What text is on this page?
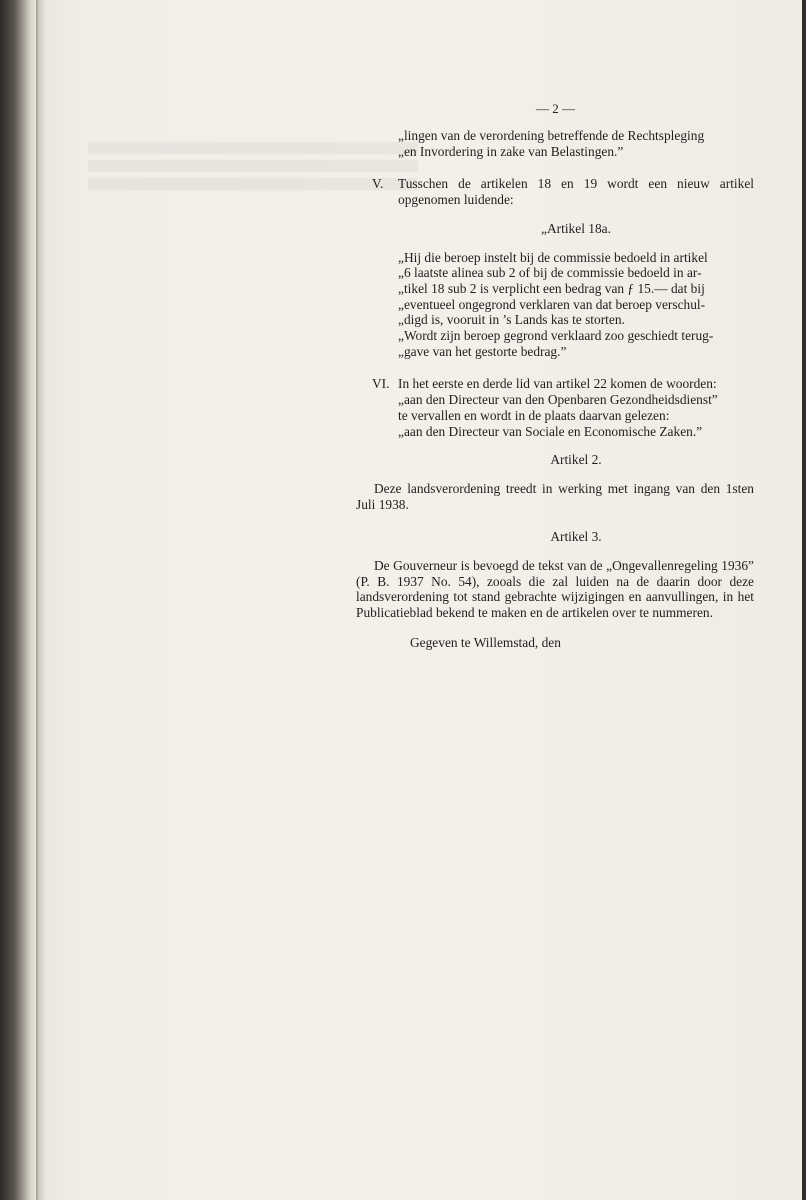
— 2 —

„lingen van de verordening betreffende de Rechtspleging

„en Invordering in zake van Belastingen.”

V.	Tusschen de artikelen 18 en 19 wordt een nieuw artikel opgenomen luidende:
„Artikel 18a.

„Hij die beroep instelt bij de commissie bedoeld in artikel

„6 laatste alinea sub 2 of bij de commissie bedoeld in ar-

„tikel 18 sub 2 is verplicht een bedrag van ƒ 15.— dat bij

„eventueel ongegrond verklaren van dat beroep verschul-

„digd is, vooruit in ’s Lands kas te storten.

„Wordt zijn beroep gegrond verklaard zoo geschiedt terug-

„gave van het gestorte bedrag.”

VI. In het eerste en derde lid van artikel 22 komen de woorden:

„aan den Directeur van den Openbaren Gezondheidsdienst”

te vervallen en wordt in de plaats daarvan gelezen:

„aan den Directeur van Sociale en Economische Zaken.”

Artikel 2.

Deze landsverordening treedt in werking met ingang van den 1sten Juli 1938.

Artikel 3.

De Gouverneur is bevoegd de tekst van de „Ongevallenregeling 1936” (P. B. 1937 No. 54), zooals die zal luiden na de daarin door deze landsverordening tot stand gebrachte wijzigingen en aanvullingen, in het Publicatieblad bekend te maken en de artikelen over te nummeren.

Gegeven te Willemstad, den
